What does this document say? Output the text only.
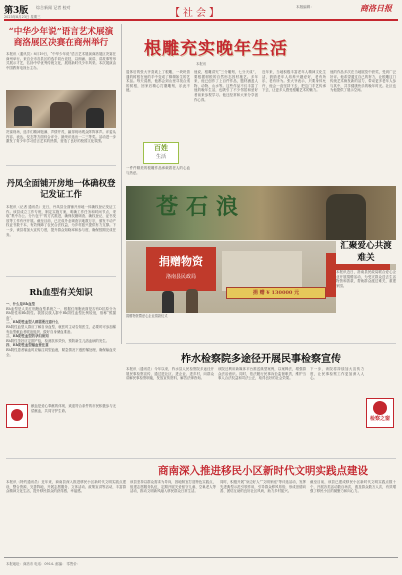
第3版 综合新闻 记者 校对
2023年8月23日 星期三	【社会】
本版编辑：	商洛日报
“中华少年说”语言艺术展演商洛展区决赛在商州举行
本报讯（通讯员）8月19日，“中华少年说”语言艺术展演商洛展区决赛在商州举行。来自全市各县区的选手同台竞技，以朗诵、演讲、讲故事等形式展示才艺，弘扬中华优秀传统文化，展现新时代少年风采。本次展演由中国教育电视台主办。
决赛现场，选手们精神饱满、声情并茂，赢得现场观众阵阵掌声。评委从内容、表达、仪态等方面综合评分，最终评选出一二三等奖。活动进一步激发了青少年学习语言艺术的热情，营造了良好的校园文化氛围。
丹凤全面铺开房地一体确权登记发证工作
本报讯（记者 通讯员）近日，丹凤县全面铺开房地一体确权登记发证工作。该县成立工作专班，制定实施方案，明确工作任务和时间节点，采取“集中办公、分片包干”的方式推进，确保权籍调查、确权登记、证书发放等工作有序开展。截至目前，已完成外业调查宗地数万宗，颁发不动产权证书数千本，有效保障了农民合法权益，为乡村振兴提供有力支撑。下一步，该县将加大宣传力度，提升群众知晓率和参与度，确保按期完成任务。
Rh血型有关知识
一、什么是Rh血型
Rh血型是人类红细胞血型系统之一，根据红细胞表面是否有D抗原分为Rh阳性和Rh阴性。我国汉族人群中Rh阴性血型比例较低，俗称“熊猫血”。
二、Rh阴性血型人群需要注意什么
Rh阴性血型人群应了解自身血型，就医时主动告知医生，必要时可参加稀有血型献血者联谊组织，做好自身储血准备。
三、Rh阴性血型的孕妇须知
Rh阴性孕妇应定期产检，检测抗体效价，预防新生儿溶血病的发生。
四、Rh阴性血型输血要注意
Rh阴性患者输血时应输注同型血液，紧急情况下遵医嘱处理，确保输血安全。
献血是爱心奉献的体现，欢迎符合条件的市民积极参与无偿献血，共同守护生命。
根雕充实晚年生活
本报讯
退休后的张大爷喜欢上了根雕，一块块普通的树根在他的手中变成了栩栩如生的艺术品。每天清晨，他都会到山里寻找合适的树根，回家后精心打磨雕刻，乐此不疲。
他说，根雕讲究“三分雕刻，七分天成”，要根据树根的自然形态因材施艺。多年来，他已创作了上百件作品，题材涵盖人物、动物、山水等。这些作品不仅丰富了他的晚年生活，也吸引了不少邻居和爱好者前来参观学习。他还经常和大家分享创作心得。
近年来，当地积极丰富老年人精神文化生活，鼓励老年人培养兴趣爱好，老有所乐、老有所为。张大爷表示，只要身体允许，他会一直坚持下去，把这门手艺传承下去，让更多人感受根雕艺术的魅力。
他的作品多次在当地展览中获奖，受到广泛好评。他希望通过自己的努力，让根雕这门传统艺术焕发新的活力，带动更多老年人参与其中，共享健康快乐的晚年时光。社区也为他提供了展示空间。
百姓
生活
一件件精美的根雕作品承载着老人的心血与热爱。
苍石浪
捐赠物资
洛南县民政局
捐 赠 ¥ 130000 元
捐赠物资暨爱心企业捐款仪式
汇聚爱心共渡难关
本报讯近日，洛南县民政局联合爱心企业开展捐赠活动，为受灾群众送去生活物资和善款，帮助群众渡过难关，重建家园。
柞水检察院多途径开展民事检察宣传
本报讯（通讯员）今年以来，柞水县人民检察院多途径开展民事检察宣传，通过进社区、进企业、进乡村，向群众讲解民事检察职能，发放宣传资料，解答法律咨询。
该院还利用新媒体平台推送典型案例，以案释法，增强群众法治意识。同时，依法履行民事诉讼监督职责，维护当事人合法权益和司法公正，取得良好的社会效果。
下一步，该院将持续加大宣传力度，让民事检察工作更加深入人心。
检察之窗
商南深入推进移民小区新时代文明实践点建设
本报讯（特约通讯员）近年来，商南县深入推进移民小区新时代文明实践点建设，整合资源、完善阵地，开展志愿服务、文体活动、政策宣讲等活动，丰富群众精神文化生活，提升移民群众的获得感、幸福感。
该县坚持以群众需求为导向，因地制宜打造特色实践点，组建志愿服务队伍，定期开展关爱留守儿童、空巢老人等活动，推动文明新风融入移民群众日常生活。
同时，积极开展“身边好人”“文明家庭”等评选活动，发挥先进典型示范引领作用，引导群众移风易俗，形成崇德向善、团结互助的良好社区风尚，助力乡村振兴。
截至目前，该县已建成移民小区新时代文明实践点数十个，开展各类活动数百场次，惠及群众数万人次，有效增强了移民小区的凝聚力和向心力。
本报地址：商洛市 电话：0914- 邮编： 零售价：
